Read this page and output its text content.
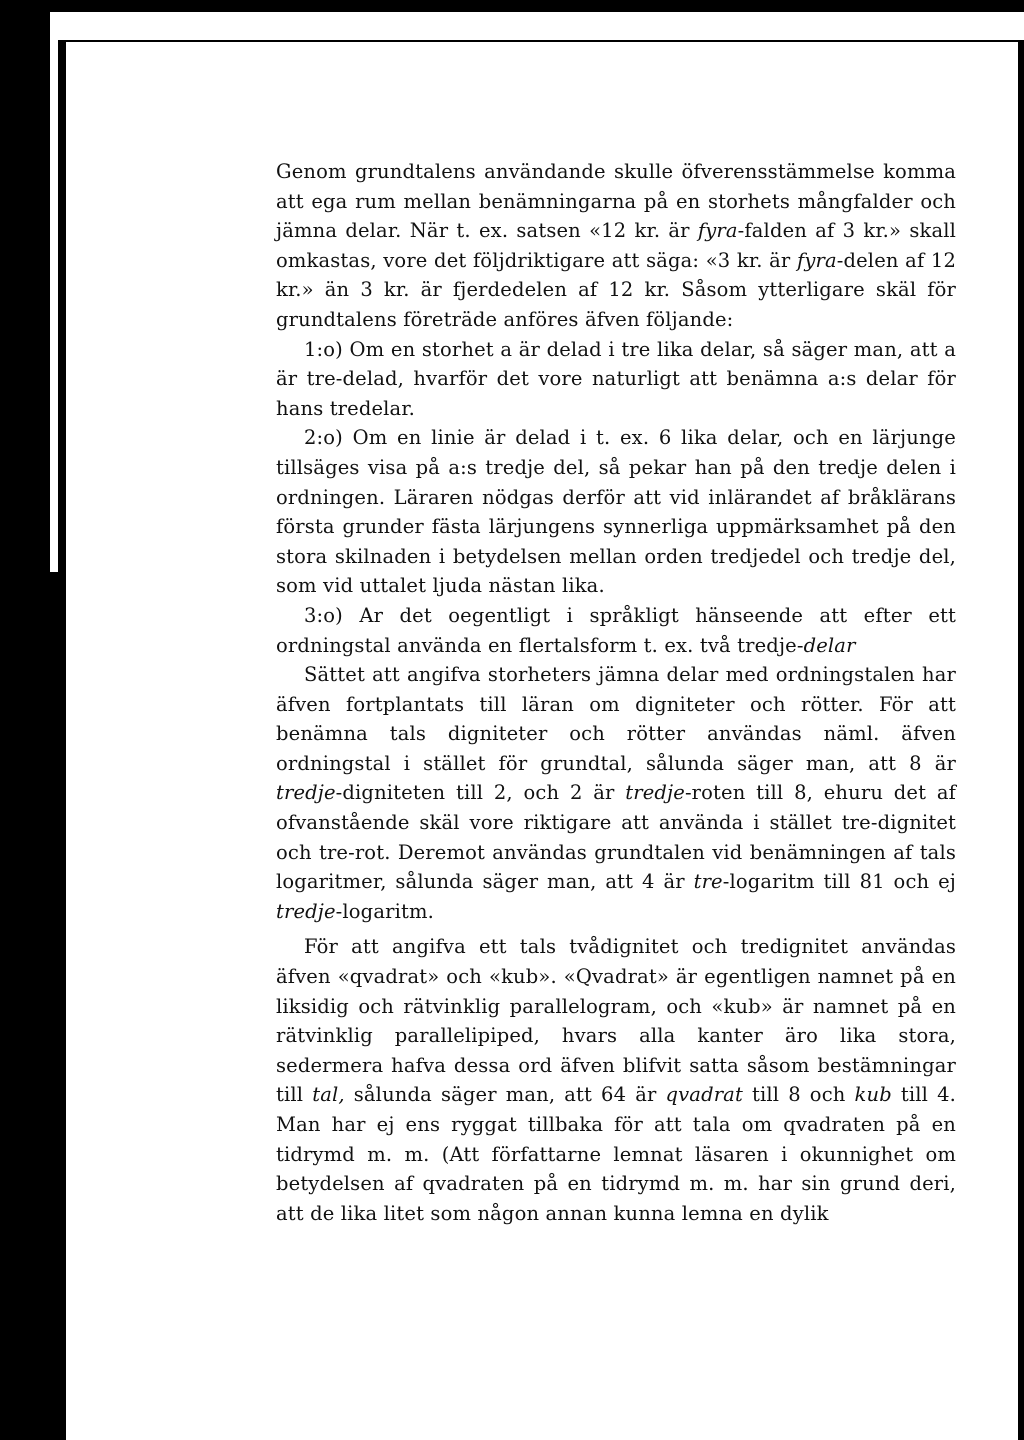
Genom grundtalens användande skulle öfverensstämmelse komma att ega rum mellan benämningarna på en storhets mångfalder och jämna delar. När t. ex. satsen «12 kr. är fyra-falden af 3 kr.» skall omkastas, vore det följdriktigare att säga: «3 kr. är fyra-delen af 12 kr.» än 3 kr. är fjerdedelen af 12 kr. Såsom ytterligare skäl för grundtalens företräde anföres äfven följande:

1:o) Om en storhet a är delad i tre lika delar, så säger man, att a är tre-delad, hvarför det vore naturligt att benämna a:s delar för hans tredelar.

2:o) Om en linie är delad i t. ex. 6 lika delar, och en lärjunge tillsäges visa på a:s tredje del, så pekar han på den tredje delen i ordningen. Läraren nödgas derför att vid inlärandet af bråklärans första grunder fästa lärjungens synnerliga uppmärksamhet på den stora skilnaden i betydelsen mellan orden tredjedel och tredje del, som vid uttalet ljuda nästan lika.

3:o) Ar det oegentligt i språkligt hänseende att efter ett ordningstal använda en flertalsform t. ex. två tredje-delar

Sättet att angifva storheters jämna delar med ordningstalen har äfven fortplantats till läran om digniteter och rötter. För att benämna tals digniteter och rötter användas näml. äfven ordningstal i stället för grundtal, sålunda säger man, att 8 är tredje-digniteten till 2, och 2 är tredje-roten till 8, ehuru det af ofvanstående skäl vore riktigare att använda i stället tre-dignitet och tre-rot. Deremot användas grundtalen vid benämningen af tals logaritmer, sålunda säger man, att 4 är tre-logaritm till 81 och ej tredje-logaritm.

För att angifva ett tals tvådignitet och tredignitet användas äfven «qvadrat» och «kub». «Qvadrat» är egentligen namnet på en liksidig och rätvinklig parallelogram, och «kub» är namnet på en rätvinklig parallelipiped, hvars alla kanter äro lika stora, sedermera hafva dessa ord äfven blifvit satta såsom bestämningar till tal, sålunda säger man, att 64 är qvadrat till 8 och kub till 4. Man har ej ens ryggat tillbaka för att tala om qvadraten på en tidrymd m. m. (Att författarne lemnat läsaren i okunnighet om betydelsen af qvadraten på en tidrymd m. m. har sin grund deri, att de lika litet som någon annan kunna lemna en dylik
